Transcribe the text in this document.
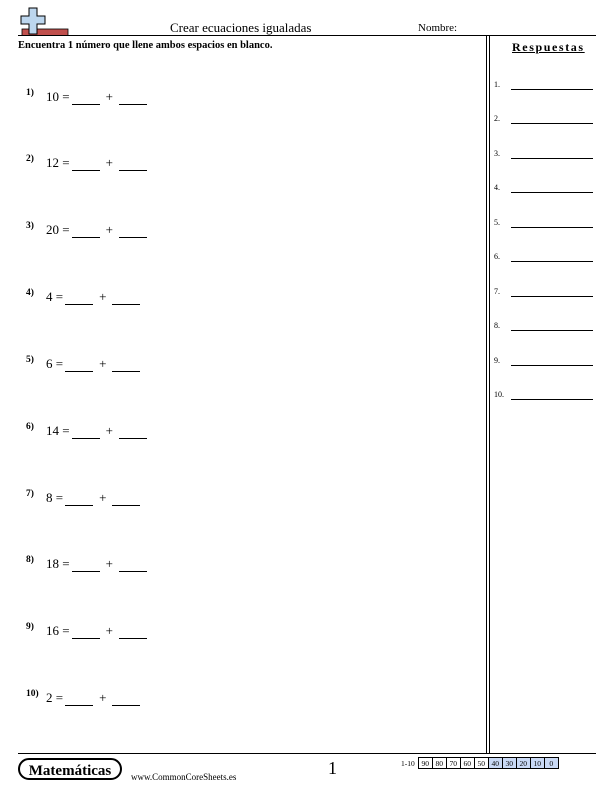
Crear ecuaciones igualadas	Nombre:
Encuentra 1 número que llene ambos espacios en blanco.	Respuestas
1.
2.
3.
4.
5.
6.
7.
8.
9.
10.
1) 10
=	+
2) 12
=	+
3) 20
=	+
4) 4
=	+
5) 6
=	+
6) 14
=	+
7) 8
=	+
8) 18
=	+
9) 16
=	+
10) 2
=	+
Matemáticas	www.CommonCoreSheets.es	1	1-10	90	80	70	60	50	40	30	20	10	0
